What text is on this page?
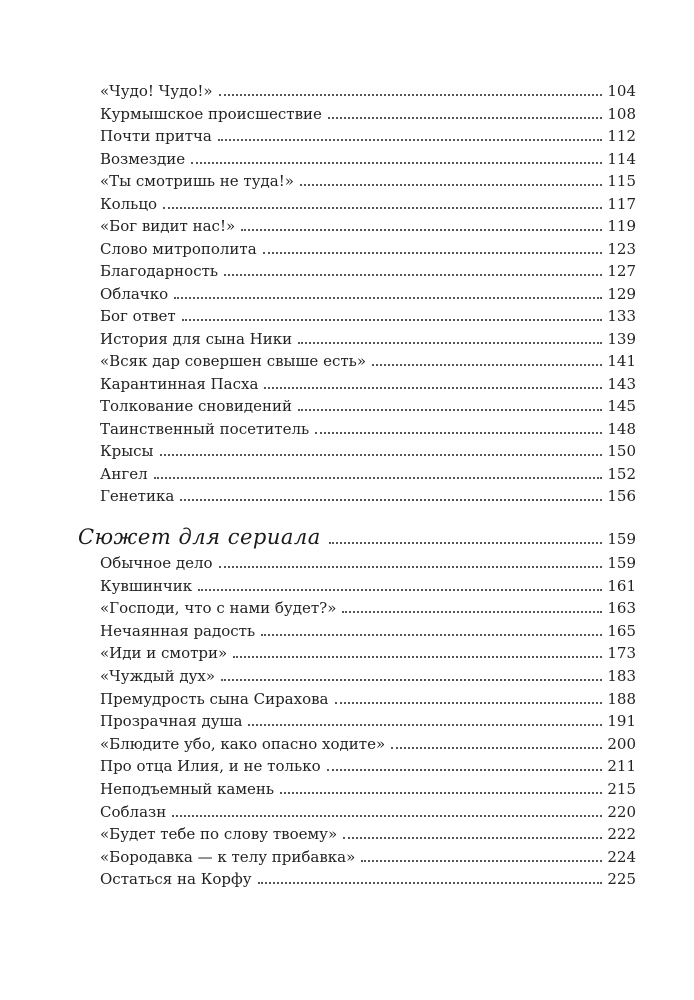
«Чудо! Чудо!»	104
Курмышское происшествие	108
Почти притча	112
Возмездие	114
«Ты смотришь не туда!»	115
Кольцо	117
«Бог видит нас!»	119
Слово митрополита	123
Благодарность	127
Облачко	129
Бог ответ	133
История для сына Ники	139
«Всяк дар совершен свыше есть»	141
Карантинная Пасха	143
Толкование сновидений	145
Таинственный посетитель	148
Крысы	150
Ангел	152
Генетика	156
Сюжет для сериала	159
Обычное дело	159
Кувшинчик	161
«Господи, что с нами будет?»	163
Нечаянная радость	165
«Иди и смотри»	173
«Чуждый дух»	183
Премудрость сына Сирахова	188
Прозрачная душа	191
«Блюдите убо, како опасно ходите»	200
Про отца Илия, и не только	211
Неподъемный камень	215
Соблазн	220
«Будет тебе по слову твоему»	222
«Бородавка — к телу прибавка»	224
Остаться на Корфу	225
